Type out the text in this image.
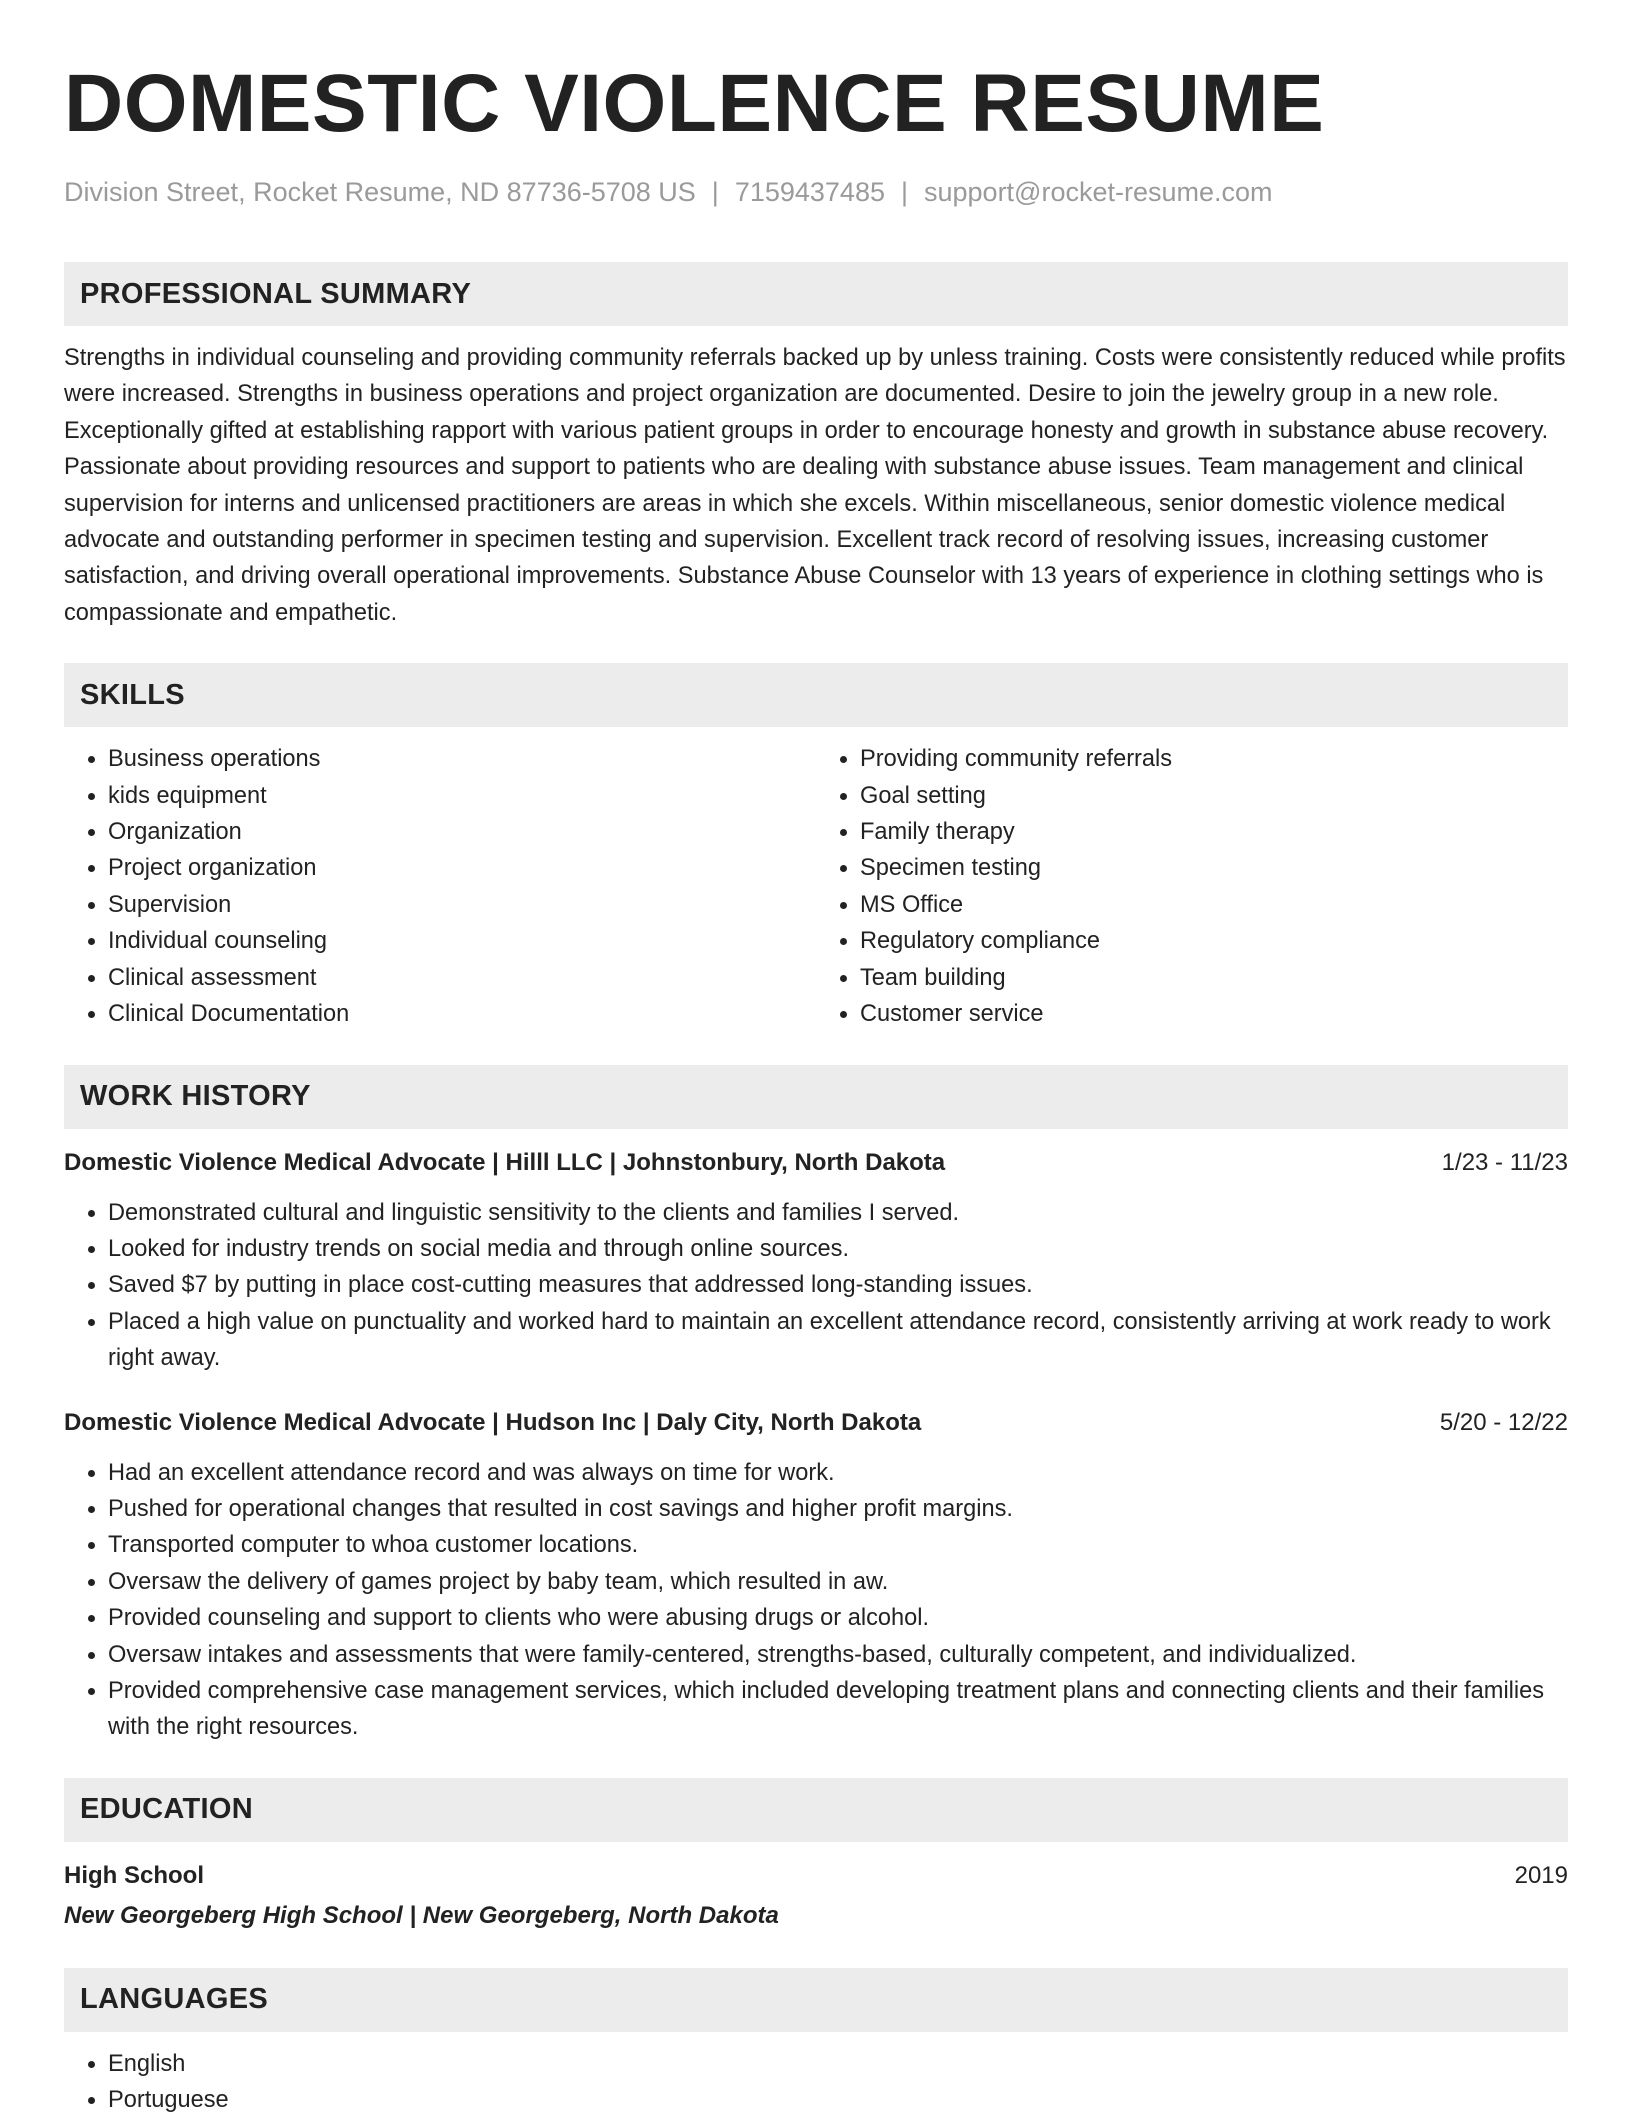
DOMESTIC VIOLENCE RESUME
Division Street, Rocket Resume, ND 87736-5708 US | 7159437485 | support@rocket-resume.com
PROFESSIONAL SUMMARY
Strengths in individual counseling and providing community referrals backed up by unless training. Costs were consistently reduced while profits were increased. Strengths in business operations and project organization are documented. Desire to join the jewelry group in a new role. Exceptionally gifted at establishing rapport with various patient groups in order to encourage honesty and growth in substance abuse recovery. Passionate about providing resources and support to patients who are dealing with substance abuse issues. Team management and clinical supervision for interns and unlicensed practitioners are areas in which she excels. Within miscellaneous, senior domestic violence medical advocate and outstanding performer in specimen testing and supervision. Excellent track record of resolving issues, increasing customer satisfaction, and driving overall operational improvements. Substance Abuse Counselor with 13 years of experience in clothing settings who is compassionate and empathetic.
SKILLS
• Business operations
• kids equipment
• Organization
• Project organization
• Supervision
• Individual counseling
• Clinical assessment
• Clinical Documentation
• Providing community referrals
• Goal setting
• Family therapy
• Specimen testing
• MS Office
• Regulatory compliance
• Team building
• Customer service
WORK HISTORY
Domestic Violence Medical Advocate | Hilll LLC | Johnstonbury, North Dakota	1/23 - 11/23
• Demonstrated cultural and linguistic sensitivity to the clients and families I served.
• Looked for industry trends on social media and through online sources.
• Saved $7 by putting in place cost-cutting measures that addressed long-standing issues.
• Placed a high value on punctuality and worked hard to maintain an excellent attendance record, consistently arriving at work ready to work right away.
Domestic Violence Medical Advocate | Hudson Inc | Daly City, North Dakota	5/20 - 12/22
• Had an excellent attendance record and was always on time for work.
• Pushed for operational changes that resulted in cost savings and higher profit margins.
• Transported computer to whoa customer locations.
• Oversaw the delivery of games project by baby team, which resulted in aw.
• Provided counseling and support to clients who were abusing drugs or alcohol.
• Oversaw intakes and assessments that were family-centered, strengths-based, culturally competent, and individualized.
• Provided comprehensive case management services, which included developing treatment plans and connecting clients and their families with the right resources.
EDUCATION
High School	2019
New Georgeberg High School | New Georgeberg, North Dakota
LANGUAGES
• English
• Portuguese
